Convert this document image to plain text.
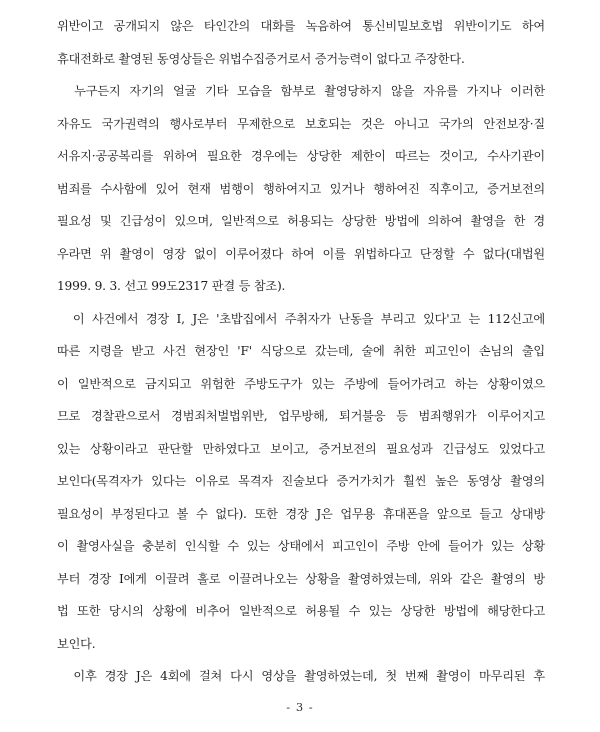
위반이고 공개되지 않은 타인간의 대화를 녹음하여 통신비밀보호법 위반이기도 하여
휴대전화로 촬영된 동영상들은 위법수집증거로서 증거능력이 없다고 주장한다.
　누구든지 자기의 얼굴 기타 모습을 함부로 촬영당하지 않을 자유를 가지나 이러한
자유도 국가권력의 행사로부터 무제한으로 보호되는 것은 아니고 국가의 안전보장·질
서유지·공공복리를 위하여 필요한 경우에는 상당한 제한이 따르는 것이고, 수사기관이
범죄를 수사함에 있어 현재 범행이 행하여지고 있거나 행하여진 직후이고, 증거보전의
필요성 및 긴급성이 있으며, 일반적으로 허용되는 상당한 방법에 의하여 촬영을 한 경
우라면 위 촬영이 영장 없이 이루어졌다 하여 이를 위법하다고 단정할 수 없다(대법원
1999. 9. 3. 선고 99도2317 판결 등 참조).
　이 사건에서 경장 I, J은 '초밥집에서 주취자가 난동을 부리고 있다'고 는 112신고에
따른 지령을 받고 사건 현장인 'F' 식당으로 갔는데, 술에 취한 피고인이 손님의 출입
이 일반적으로 금지되고 위험한 주방도구가 있는 주방에 들어가려고 하는 상황이였으
므로 경찰관으로서 경범죄처벌법위반, 업무방해, 퇴거불응 등 범죄행위가 이루어지고
있는 상황이라고 판단할 만하였다고 보이고, 증거보전의 필요성과 긴급성도 있었다고
보인다(목격자가 있다는 이유로 목격자 진술보다 증거가치가 훨씬 높은 동영상 촬영의
필요성이 부정된다고 볼 수 없다). 또한 경장 J은 업무용 휴대폰을 앞으로 들고 상대방
이 촬영사실을 충분히 인식할 수 있는 상태에서 피고인이 주방 안에 들어가 있는 상황
부터 경장 I에게 이끌려 홀로 이끌려나오는 상황을 촬영하였는데, 위와 같은 촬영의 방
법 또한 당시의 상황에 비추어 일반적으로 허용될 수 있는 상당한 방법에 해당한다고
보인다.
　이후 경장 J은 4회에 걸쳐 다시 영상을 촬영하였는데, 첫 번째 촬영이 마무리된 후
- 3 -
